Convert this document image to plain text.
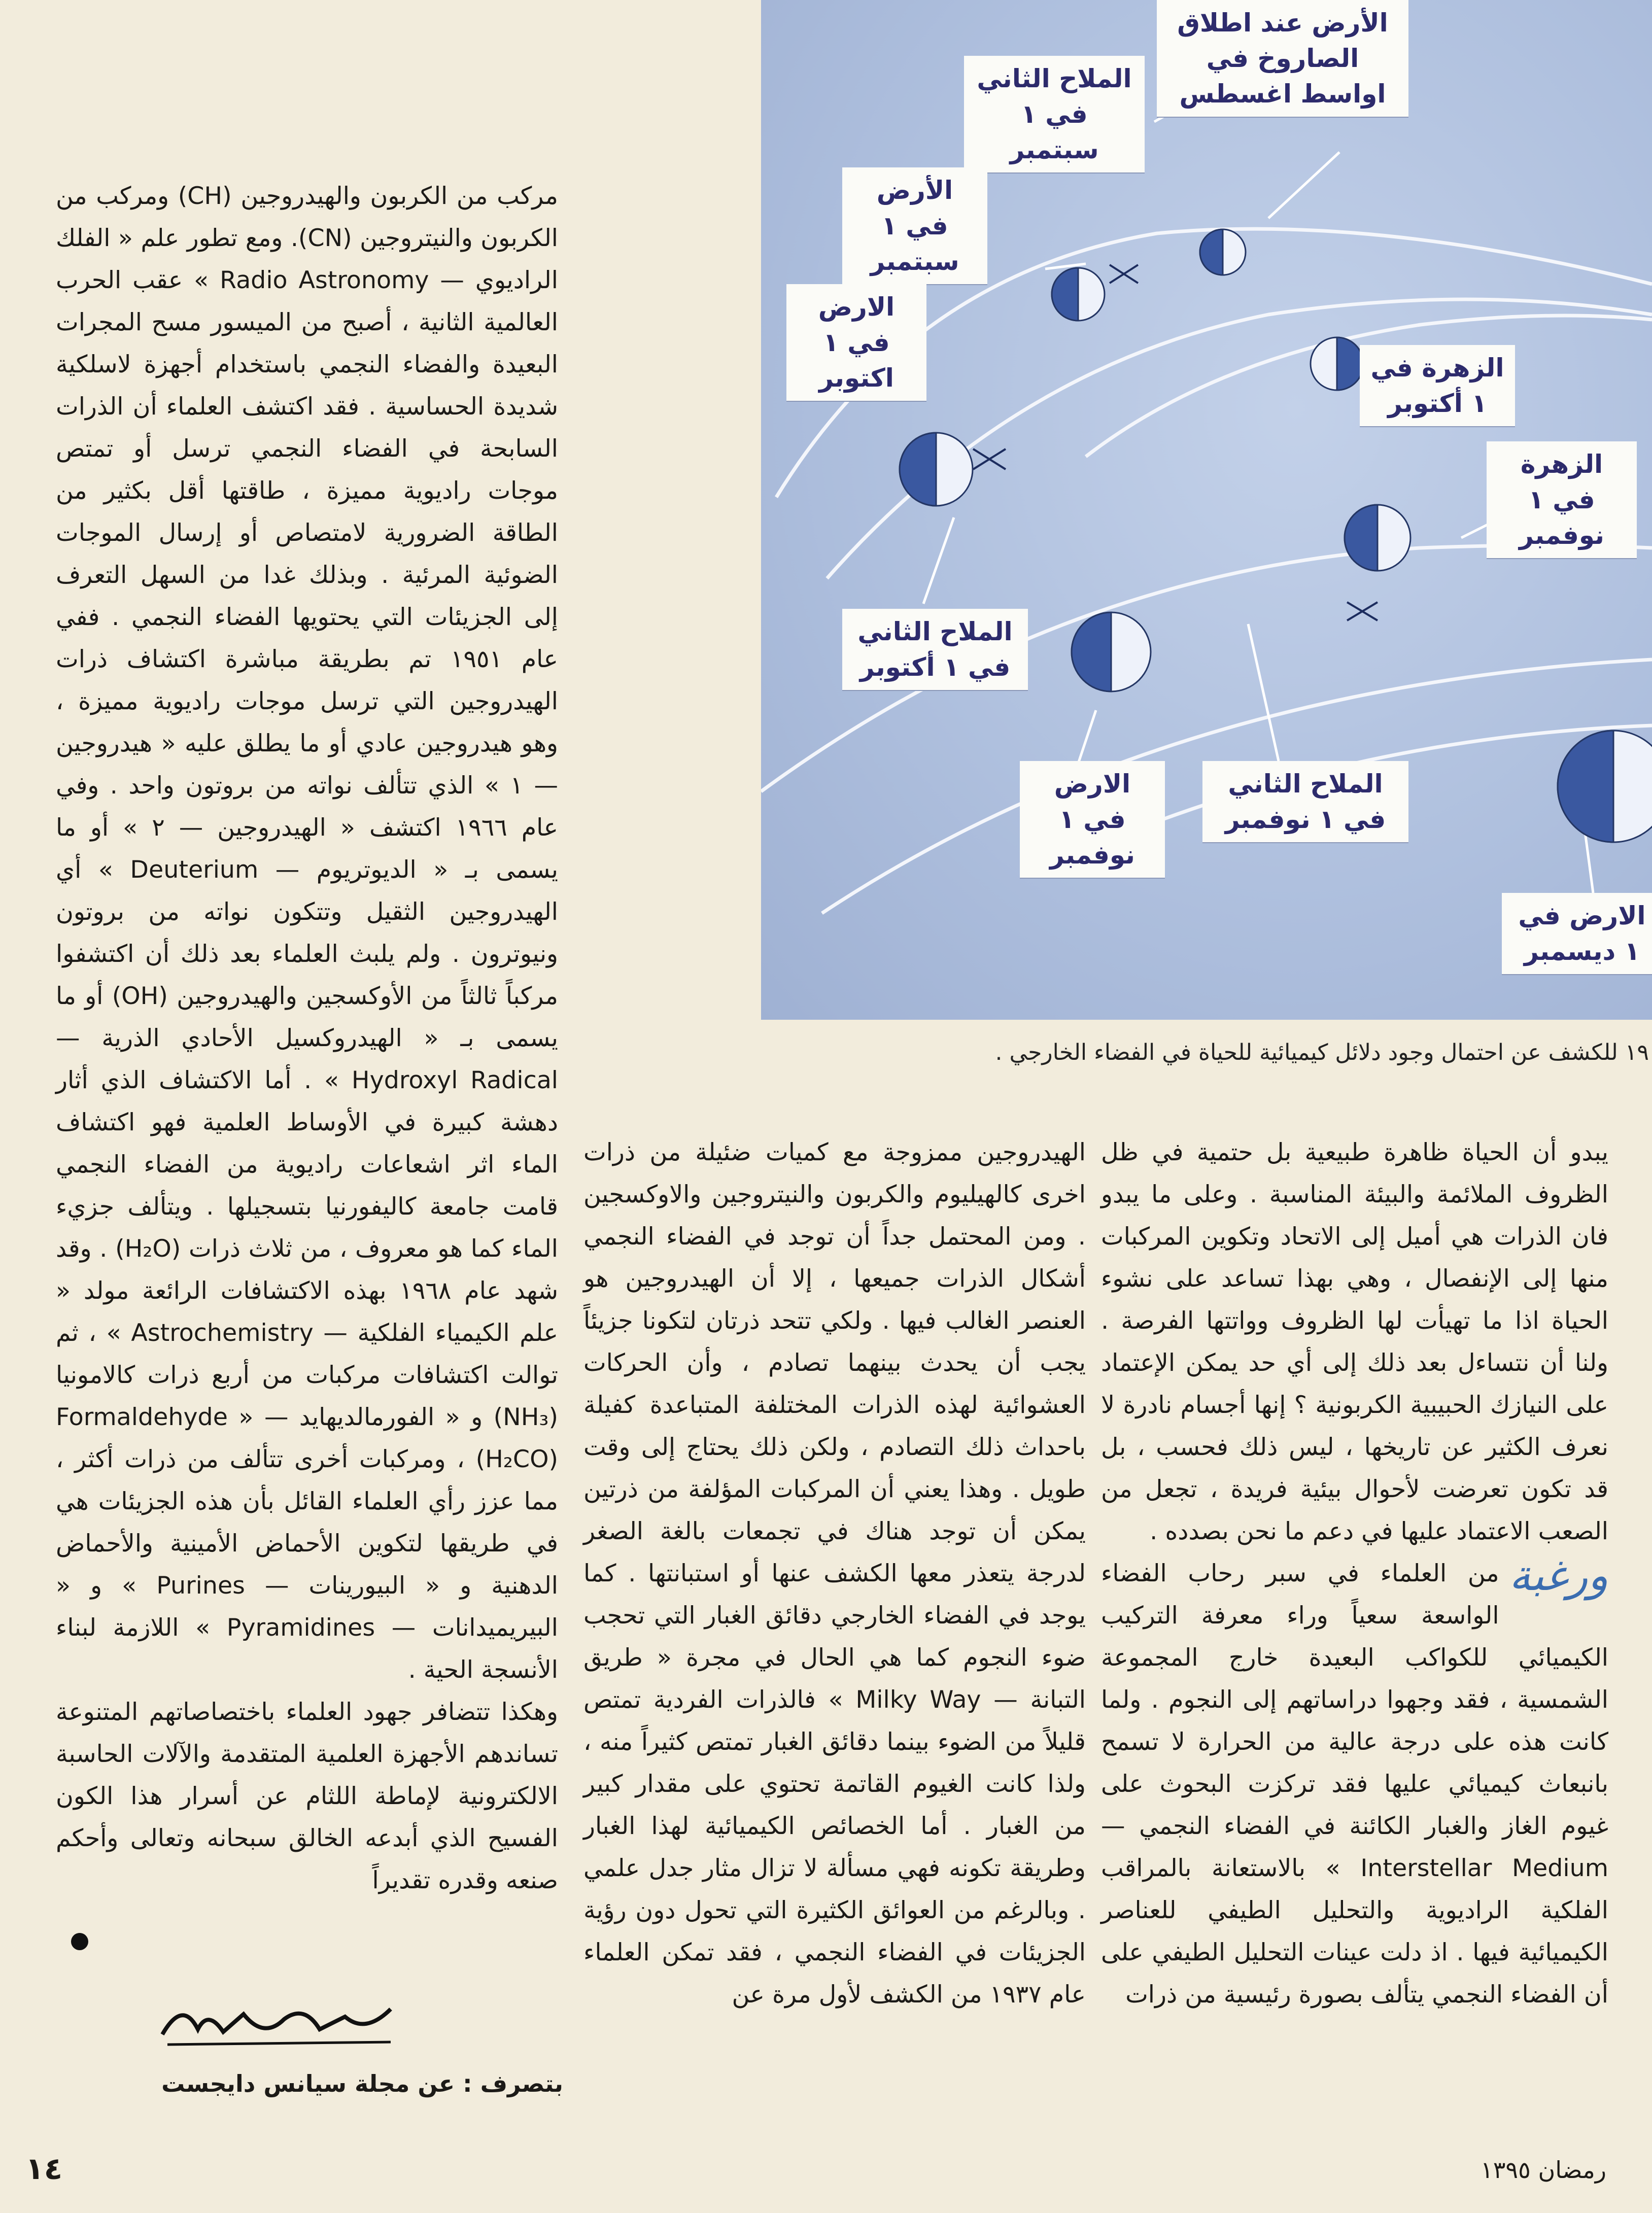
الأرض عند اطلاق الصاروخ في اواسط اغسطس
الملاح الثاني في ١ سبتمبر
الأرض في ١ سبتمبر
الارض في ١ اكتوبر	الزهرة في ١ أكتوبر
الزهرة في ١ نوفمبر
الملاح الثاني في ١ أكتوبر
الارض في ١ نوفمبر
الملاح الثاني في ١ نوفمبر
الارض في ١ ديسمبر
١٩ للكشف عن احتمال وجود دلائل كيميائية للحياة في الفضاء الخارجي .

مركب من الكربون والهيدروجين (CH) ومركب من الكربون والنيتروجين (CN). ومع تطور علم « الفلك الراديوي — Radio Astronomy » عقب الحرب العالمية الثانية ، أصبح من الميسور مسح المجرات البعيدة والفضاء النجمي باستخدام أجهزة لاسلكية شديدة الحساسية . فقد اكتشف العلماء أن الذرات السابحة في الفضاء النجمي ترسل أو تمتص موجات راديوية مميزة ، طاقتها أقل بكثير من الطاقة الضرورية لامتصاص أو إرسال الموجات الضوئية المرئية . وبذلك غدا من السهل التعرف إلى الجزيئات التي يحتويها الفضاء النجمي . ففي عام ١٩٥١ تم بطريقة مباشرة اكتشاف ذرات الهيدروجين التي ترسل موجات راديوية مميزة ، وهو هيدروجين عادي أو ما يطلق عليه « هيدروجين — ١ » الذي تتألف نواته من بروتون واحد . وفي عام ١٩٦٦ اكتشف « الهيدروجين — ٢ » أو ما يسمى بـ « الديوتريوم — Deuterium » أي الهيدروجين الثقيل وتتكون نواته من بروتون ونيوترون . ولم يلبث العلماء بعد ذلك أن اكتشفوا مركباً ثالثاً من الأوكسجين والهيدروجين (OH) أو ما يسمى بـ « الهيدروكسيل الأحادي الذرية — Hydroxyl Radical » . أما الاكتشاف الذي أثار دهشة كبيرة في الأوساط العلمية فهو اكتشاف الماء اثر اشعاعات راديوية من الفضاء النجمي قامت جامعة كاليفورنيا بتسجيلها . ويتألف جزيء الماء كما هو معروف ، من ثلاث ذرات (H₂O) . وقد شهد عام ١٩٦٨ بهذه الاكتشافات الرائعة مولد « علم الكيمياء الفلكية — Astrochemistry » ، ثم توالت اكتشافات مركبات من أربع ذرات كالامونيا (NH₃) و « الفورمالديهايد — Formaldehyde » (H₂CO) ، ومركبات أخرى تتألف من ذرات أكثر ، مما عزز رأي العلماء القائل بأن هذه الجزيئات هي في طريقها لتكوين الأحماض الأمينية والأحماض الدهنية و « البيورينات — Purines » و « البيريميدانات — Pyramidines » اللازمة لبناء الأنسجة الحية .

وهكذا تتضافر جهود العلماء باختصاصاتهم المتنوعة تساندهم الأجهزة العلمية المتقدمة والآلات الحاسبة الالكترونية لإماطة اللثام عن أسرار هذا الكون الفسيح الذي أبدعه الخالق سبحانه وتعالى وأحكم صنعه وقدره تقديراً

الهيدروجين ممزوجة مع كميات ضئيلة من ذرات اخرى كالهيليوم والكربون والنيتروجين والاوكسجين . ومن المحتمل جداً أن توجد في الفضاء النجمي أشكال الذرات جميعها ، إلا أن الهيدروجين هو العنصر الغالب فيها . ولكي تتحد ذرتان لتكونا جزيئاً يجب أن يحدث بينهما تصادم ، وأن الحركات العشوائية لهذه الذرات المختلفة المتباعدة كفيلة باحداث ذلك التصادم ، ولكن ذلك يحتاج إلى وقت طويل . وهذا يعني أن المركبات المؤلفة من ذرتين يمكن أن توجد هناك في تجمعات بالغة الصغر لدرجة يتعذر معها الكشف عنها أو استبانتها . كما يوجد في الفضاء الخارجي دقائق الغبار التي تحجب ضوء النجوم كما هي الحال في مجرة « طريق التبانة — Milky Way » فالذرات الفردية تمتص قليلاً من الضوء بينما دقائق الغبار تمتص كثيراً منه ، ولذا كانت الغيوم القاتمة تحتوي على مقدار كبير من الغبار . أما الخصائص الكيميائية لهذا الغبار وطريقة تكونه فهي مسألة لا تزال مثار جدل علمي . وبالرغم من العوائق الكثيرة التي تحول دون رؤية الجزيئات في الفضاء النجمي ، فقد تمكن العلماء عام ١٩٣٧ من الكشف لأول مرة عن

يبدو أن الحياة ظاهرة طبيعية بل حتمية في ظل الظروف الملائمة والبيئة المناسبة . وعلى ما يبدو فان الذرات هي أميل إلى الاتحاد وتكوين المركبات منها إلى الإنفصال ، وهي بهذا تساعد على نشوء الحياة اذا ما تهيأت لها الظروف وواتتها الفرصة . ولنا أن نتساءل بعد ذلك إلى أي حد يمكن الإعتماد على النيازك الحبيبية الكربونية ؟ إنها أجسام نادرة لا نعرف الكثير عن تاريخها ، ليس ذلك فحسب ، بل قد تكون تعرضت لأحوال بيئية فريدة ، تجعل من الصعب الاعتماد عليها في دعم ما نحن بصدده .

ورغبة
من العلماء في سبر رحاب الفضاء الواسعة سعياً وراء معرفة التركيب الكيميائي للكواكب البعيدة خارج المجموعة الشمسية ، فقد وجهوا دراساتهم إلى النجوم . ولما كانت هذه على درجة عالية من الحرارة لا تسمح بانبعاث كيميائي عليها فقد تركزت البحوث على غيوم الغاز والغبار الكائنة في الفضاء النجمي — Interstellar Medium » بالاستعانة بالمراقب الفلكية الراديوية والتحليل الطيفي للعناصر الكيميائية فيها . اذ دلت عينات التحليل الطيفي على أن الفضاء النجمي يتألف بصورة رئيسية من ذرات

بتصرف : عن مجلة سيانس دايجست
١٤	رمضان ١٣٩٥
